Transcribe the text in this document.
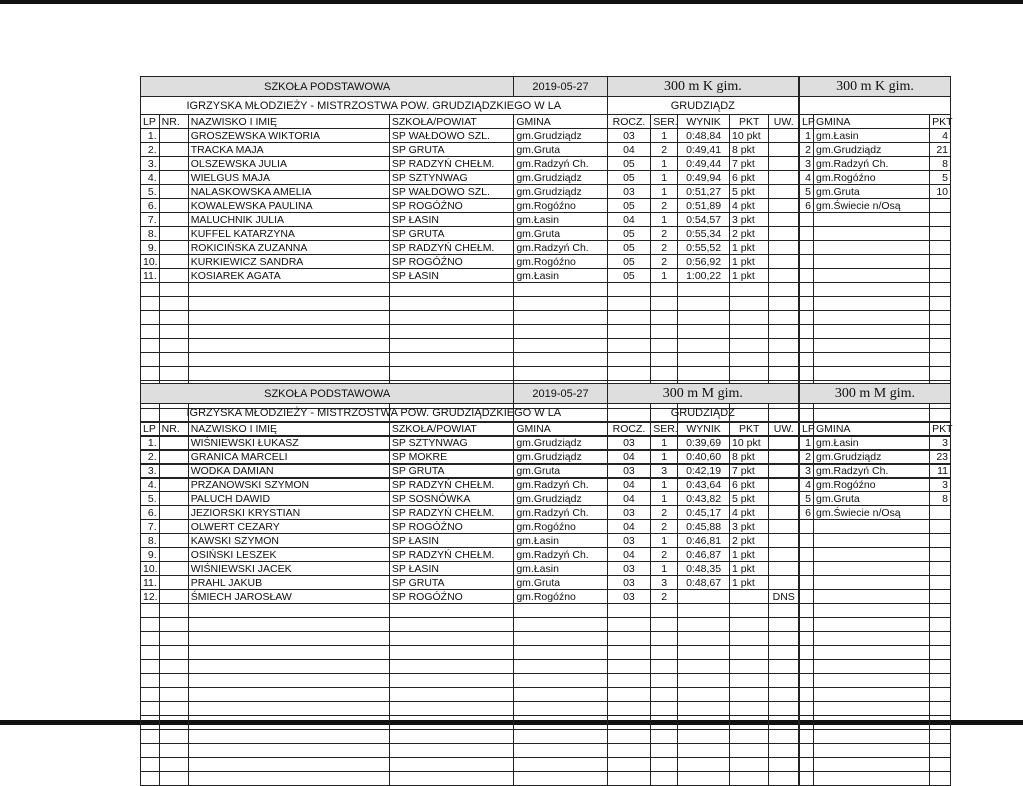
SZKOŁA PODSTAWOWA				2019-05-27	300 m K gim.					300 m K gim.		
IGRZYSKA MŁODZIEŻY - MISTRZOSTWA POW. GRUDZIĄDZKIEGO W LA					GRUDZIĄDZ							
LP	NR.	NAZWISKO I IMIĘ	SZKOŁA/POWIAT	GMINA	ROCZ.	SER.	WYNIK	PKT	UW.	LP	GMINA	PKT
1.		GROSZEWSKA WIKTORIA	SP WAŁDOWO SZL.	gm.Grudziądz	03	1	0:48,84	10 pkt		1	gm.Łasin	4
2.		TRACKA MAJA	SP GRUTA	gm.Gruta	04	2	0:49,41	8 pkt		2	gm.Grudziądz	21
3.		OLSZEWSKA JULIA	SP RADZYŃ CHEŁM.	gm.Radzyń Ch.	05	1	0:49,44	7 pkt		3	gm.Radzyń Ch.	8
4.		WIELGUS MAJA	SP SZTYNWAG	gm.Grudziądz	05	1	0:49,94	6 pkt		4	gm.Rogóźno	5
5.		NALASKOWSKA AMELIA	SP WAŁDOWO SZL.	gm.Grudziądz	03	1	0:51,27	5 pkt		5	gm.Gruta	10
6.		KOWALEWSKA PAULINA	SP ROGÓŹNO	gm.Rogóźno	05	2	0:51,89	4 pkt		6	gm.Świecie n/Osą	
7.		MALUCHNIK JULIA	SP ŁASIN	gm.Łasin	04	1	0:54,57	3 pkt				
8.		KUFFEL KATARZYNA	SP GRUTA	gm.Gruta	05	2	0:55,34	2 pkt				
9.		ROKICIŃSKA ZUZANNA	SP RADZYŃ CHEŁM.	gm.Radzyń Ch.	05	2	0:55,52	1 pkt				
10.		KURKIEWICZ SANDRA	SP ROGÓŹNO	gm.Rogóźno	05	2	0:56,92	1 pkt				
11.		KOSIAREK AGATA	SP ŁASIN	gm.Łasin	05	1	1:00,22	1 pkt				

SZKOŁA PODSTAWOWA				2019-05-27	300 m M gim.					300 m M gim.		
IGRZYSKA MŁODZIEŻY - MISTRZOSTWA POW. GRUDZIĄDZKIEGO W LA					GRUDZIĄDZ							
LP	NR.	NAZWISKO I IMIĘ	SZKOŁA/POWIAT	GMINA	ROCZ.	SER.	WYNIK	PKT	UW.	LP	GMINA	PKT
1.		WIŚNIEWSKI ŁUKASZ	SP SZTYNWAG	gm.Grudziądz	03	1	0:39,69	10 pkt		1	gm.Łasin	3
2.		GRANICA MARCELI	SP MOKRE	gm.Grudziądz	04	1	0:40,60	8 pkt		2	gm.Grudziądz	23
3.		WODKA DAMIAN	SP GRUTA	gm.Gruta	03	3	0:42,19	7 pkt		3	gm.Radzyń Ch.	11
4.		PRZANOWSKI SZYMON	SP RADZYŃ CHEŁM.	gm.Radzyń Ch.	04	1	0:43,64	6 pkt		4	gm.Rogóźno	3
5.		PALUCH DAWID	SP SOSNÓWKA	gm.Grudziądz	04	1	0:43,82	5 pkt		5	gm.Gruta	8
6.		JEZIORSKI KRYSTIAN	SP RADZYŃ CHEŁM.	gm.Radzyń Ch.	03	2	0:45,17	4 pkt		6	gm.Świecie n/Osą	
7.		OLWERT CEZARY	SP ROGÓŹNO	gm.Rogóźno	04	2	0:45,88	3 pkt				
8.		KAWSKI SZYMON	SP ŁASIN	gm.Łasin	03	1	0:46,81	2 pkt				
9.		OSIŃSKI LESZEK	SP RADZYŃ CHEŁM.	gm.Radzyń Ch.	04	2	0:46,87	1 pkt				
10.		WIŚNIEWSKI JACEK	SP ŁASIN	gm.Łasin	03	1	0:48,35	1 pkt				
11.		PRAHL JAKUB	SP GRUTA	gm.Gruta	03	3	0:48,67	1 pkt				
12.		ŚMIECH JAROSŁAW	SP ROGÓŹNO	gm.Rogóźno	03	2			DNS			
